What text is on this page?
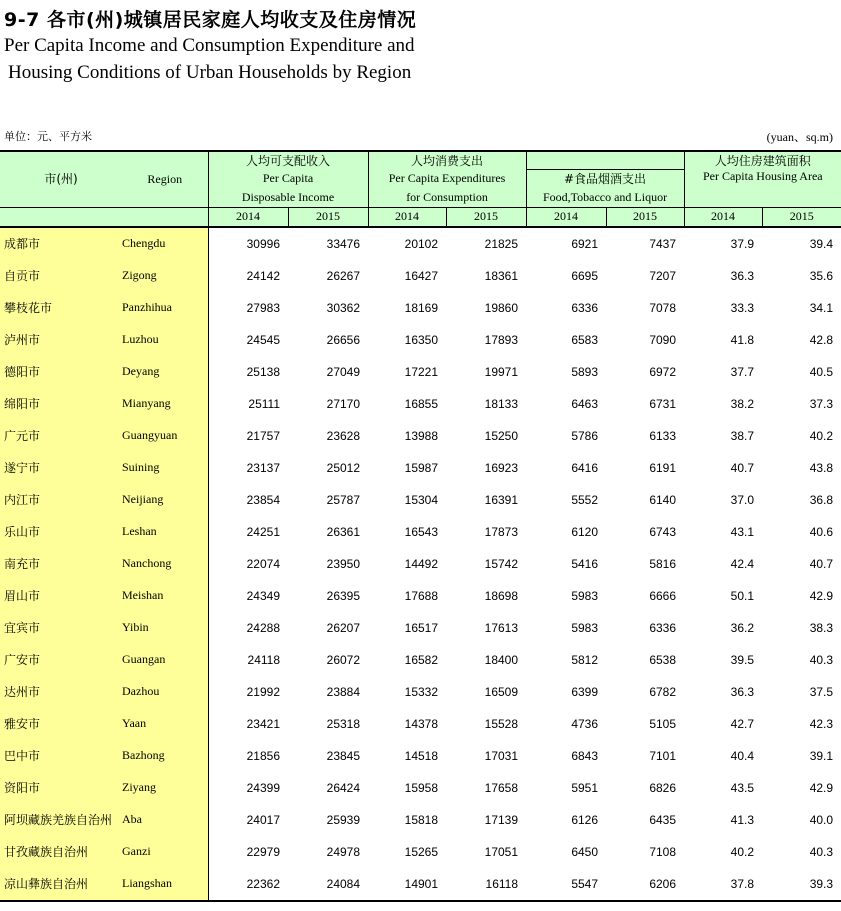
9-7 各市(州)城镇居民家庭人均收支及住房情况
Per Capita Income and Consumption Expenditure and
Housing Conditions of Urban Households by Region
单位：元、平方米	(yuan、sq.m)
市(州)	Region	人均可支配收入		人均消费支出				人均住房建筑面积	
		Per Capita		Per Capita Expenditures		#食品烟酒支出		Per Capita Housing Area	
		Disposable Income		for Consumption		Food,Tobacco and Liquor			
		2014	2015	2014	2015	2014	2015	2014	2015
成都市	Chengdu	30996	33476	20102	21825	6921	7437	37.9	39.4
自贡市	Zigong	24142	26267	16427	18361	6695	7207	36.3	35.6
攀枝花市	Panzhihua	27983	30362	18169	19860	6336	7078	33.3	34.1
泸州市	Luzhou	24545	26656	16350	17893	6583	7090	41.8	42.8
德阳市	Deyang	25138	27049	17221	19971	5893	6972	37.7	40.5
绵阳市	Mianyang	25111	27170	16855	18133	6463	6731	38.2	37.3
广元市	Guangyuan	21757	23628	13988	15250	5786	6133	38.7	40.2
遂宁市	Suining	23137	25012	15987	16923	6416	6191	40.7	43.8
内江市	Neijiang	23854	25787	15304	16391	5552	6140	37.0	36.8
乐山市	Leshan	24251	26361	16543	17873	6120	6743	43.1	40.6
南充市	Nanchong	22074	23950	14492	15742	5416	5816	42.4	40.7
眉山市	Meishan	24349	26395	17688	18698	5983	6666	50.1	42.9
宜宾市	Yibin	24288	26207	16517	17613	5983	6336	36.2	38.3
广安市	Guangan	24118	26072	16582	18400	5812	6538	39.5	40.3
达州市	Dazhou	21992	23884	15332	16509	6399	6782	36.3	37.5
雅安市	Yaan	23421	25318	14378	15528	4736	5105	42.7	42.3
巴中市	Bazhong	21856	23845	14518	17031	6843	7101	40.4	39.1
资阳市	Ziyang	24399	26424	15958	17658	5951	6826	43.5	42.9
阿坝藏族羌族自治州	Aba	24017	25939	15818	17139	6126	6435	41.3	40.0
甘孜藏族自治州	Ganzi	22979	24978	15265	17051	6450	7108	40.2	40.3
凉山彝族自治州	Liangshan	22362	24084	14901	16118	5547	6206	37.8	39.3
